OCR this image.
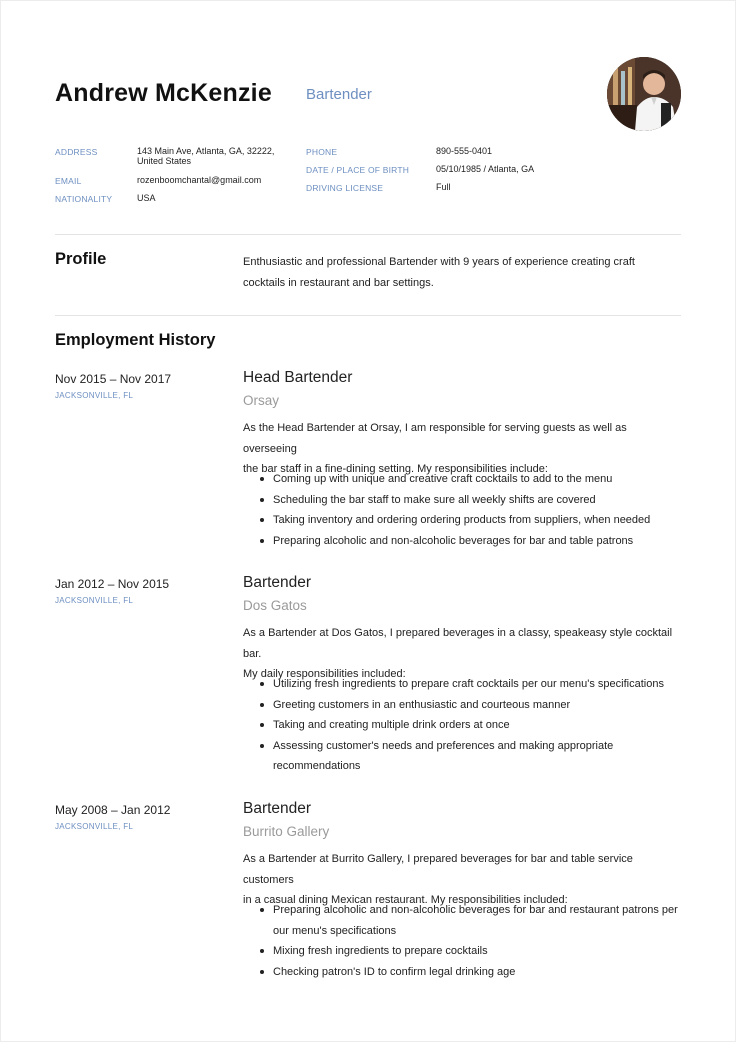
Andrew McKenzie Bartender
ADDRESS	143 Main Ave, Atlanta, GA, 32222,
United States
EMAIL	rozenboomchantal@gmail.com
NATIONALITY	USA
PHONE	890-555-0401
DATE / PLACE OF BIRTH	05/10/1985 / Atlanta, GA
DRIVING LICENSE	Full
Profile	Enthusiastic and professional Bartender with 9 years of experience creating craft
cocktails in restaurant and bar settings.
Employment History
Nov 2015 – Nov 2017
JACKSONVILLE, FL
Head Bartender
Orsay
As the Head Bartender at Orsay, I am responsible for serving guests as well as overseeing
the bar staff in a fine-dining setting. My responsibilities include:
Coming up with unique and creative craft cocktails to add to the menu
Scheduling the bar staff to make sure all weekly shifts are covered
Taking inventory and ordering ordering products from suppliers, when needed
Preparing alcoholic and non-alcoholic beverages for bar and table patrons
Jan 2012 – Nov 2015
JACKSONVILLE, FL
Bartender
Dos Gatos
As a Bartender at Dos Gatos, I prepared beverages in a classy, speakeasy style cocktail bar.
My daily responsibilities included:
Utilizing fresh ingredients to prepare craft cocktails per our menu's specifications
Greeting customers in an enthusiastic and courteous manner
Taking and creating multiple drink orders at once
Assessing customer's needs and preferences and making appropriate
recommendations
May 2008 – Jan 2012
JACKSONVILLE, FL
Bartender
Burrito Gallery
As a Bartender at Burrito Gallery, I prepared beverages for bar and table service customers
in a casual dining Mexican restaurant. My responsibilities included:
Preparing alcoholic and non-alcoholic beverages for bar and restaurant patrons per
our menu's specifications
Mixing fresh ingredients to prepare cocktails
Checking patron's ID to confirm legal drinking age
